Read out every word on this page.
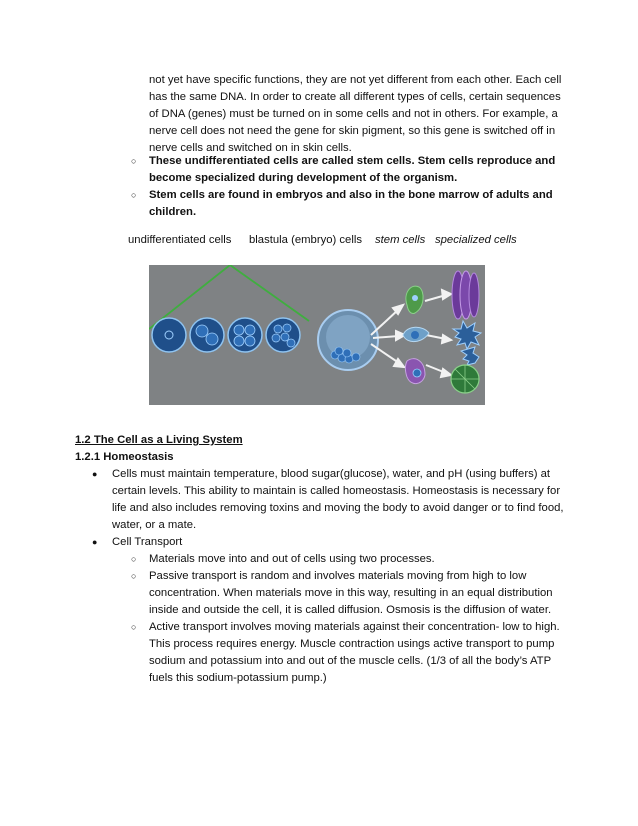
not yet have specific functions, they are not yet different from each other. Each cell
has the same DNA. In order to create all different types of cells, certain sequences
of DNA (genes) must be turned on in some cells and not in others. For example, a
nerve cell does not need the gene for skin pigment, so this gene is switched off in
nerve cells and switched on in skin cells.
○ These undifferentiated cells are called stem cells. Stem cells reproduce and
become specialized during development of the organism.
○ Stem cells are found in embryos and also in the bone marrow of adults and
children.
undifferentiated cells blastula (embryo) cells stem cells specialized cells
1.2 The Cell as a Living System
1.2.1 Homeostasis
● Cells must maintain temperature, blood sugar(glucose), water, and pH (using buffers) at
certain levels. This ability to maintain is called homeostasis. Homeostasis is necessary for
life and also includes removing toxins and moving the body to avoid danger or to find food,
water, or a mate.
● Cell Transport
○ Materials move into and out of cells using two processes.
○ Passive transport is random and involves materials moving from high to low
concentration. When materials move in this way, resulting in an equal distribution
inside and outside the cell, it is called diffusion. Osmosis is the diffusion of water.
○ Active transport involves moving materials against their concentration- low to high.
This process requires energy. Muscle contraction usings active transport to pump
sodium and potassium into and out of the muscle cells. (1/3 of all the body’s ATP
fuels this sodium-potassium pump.)
